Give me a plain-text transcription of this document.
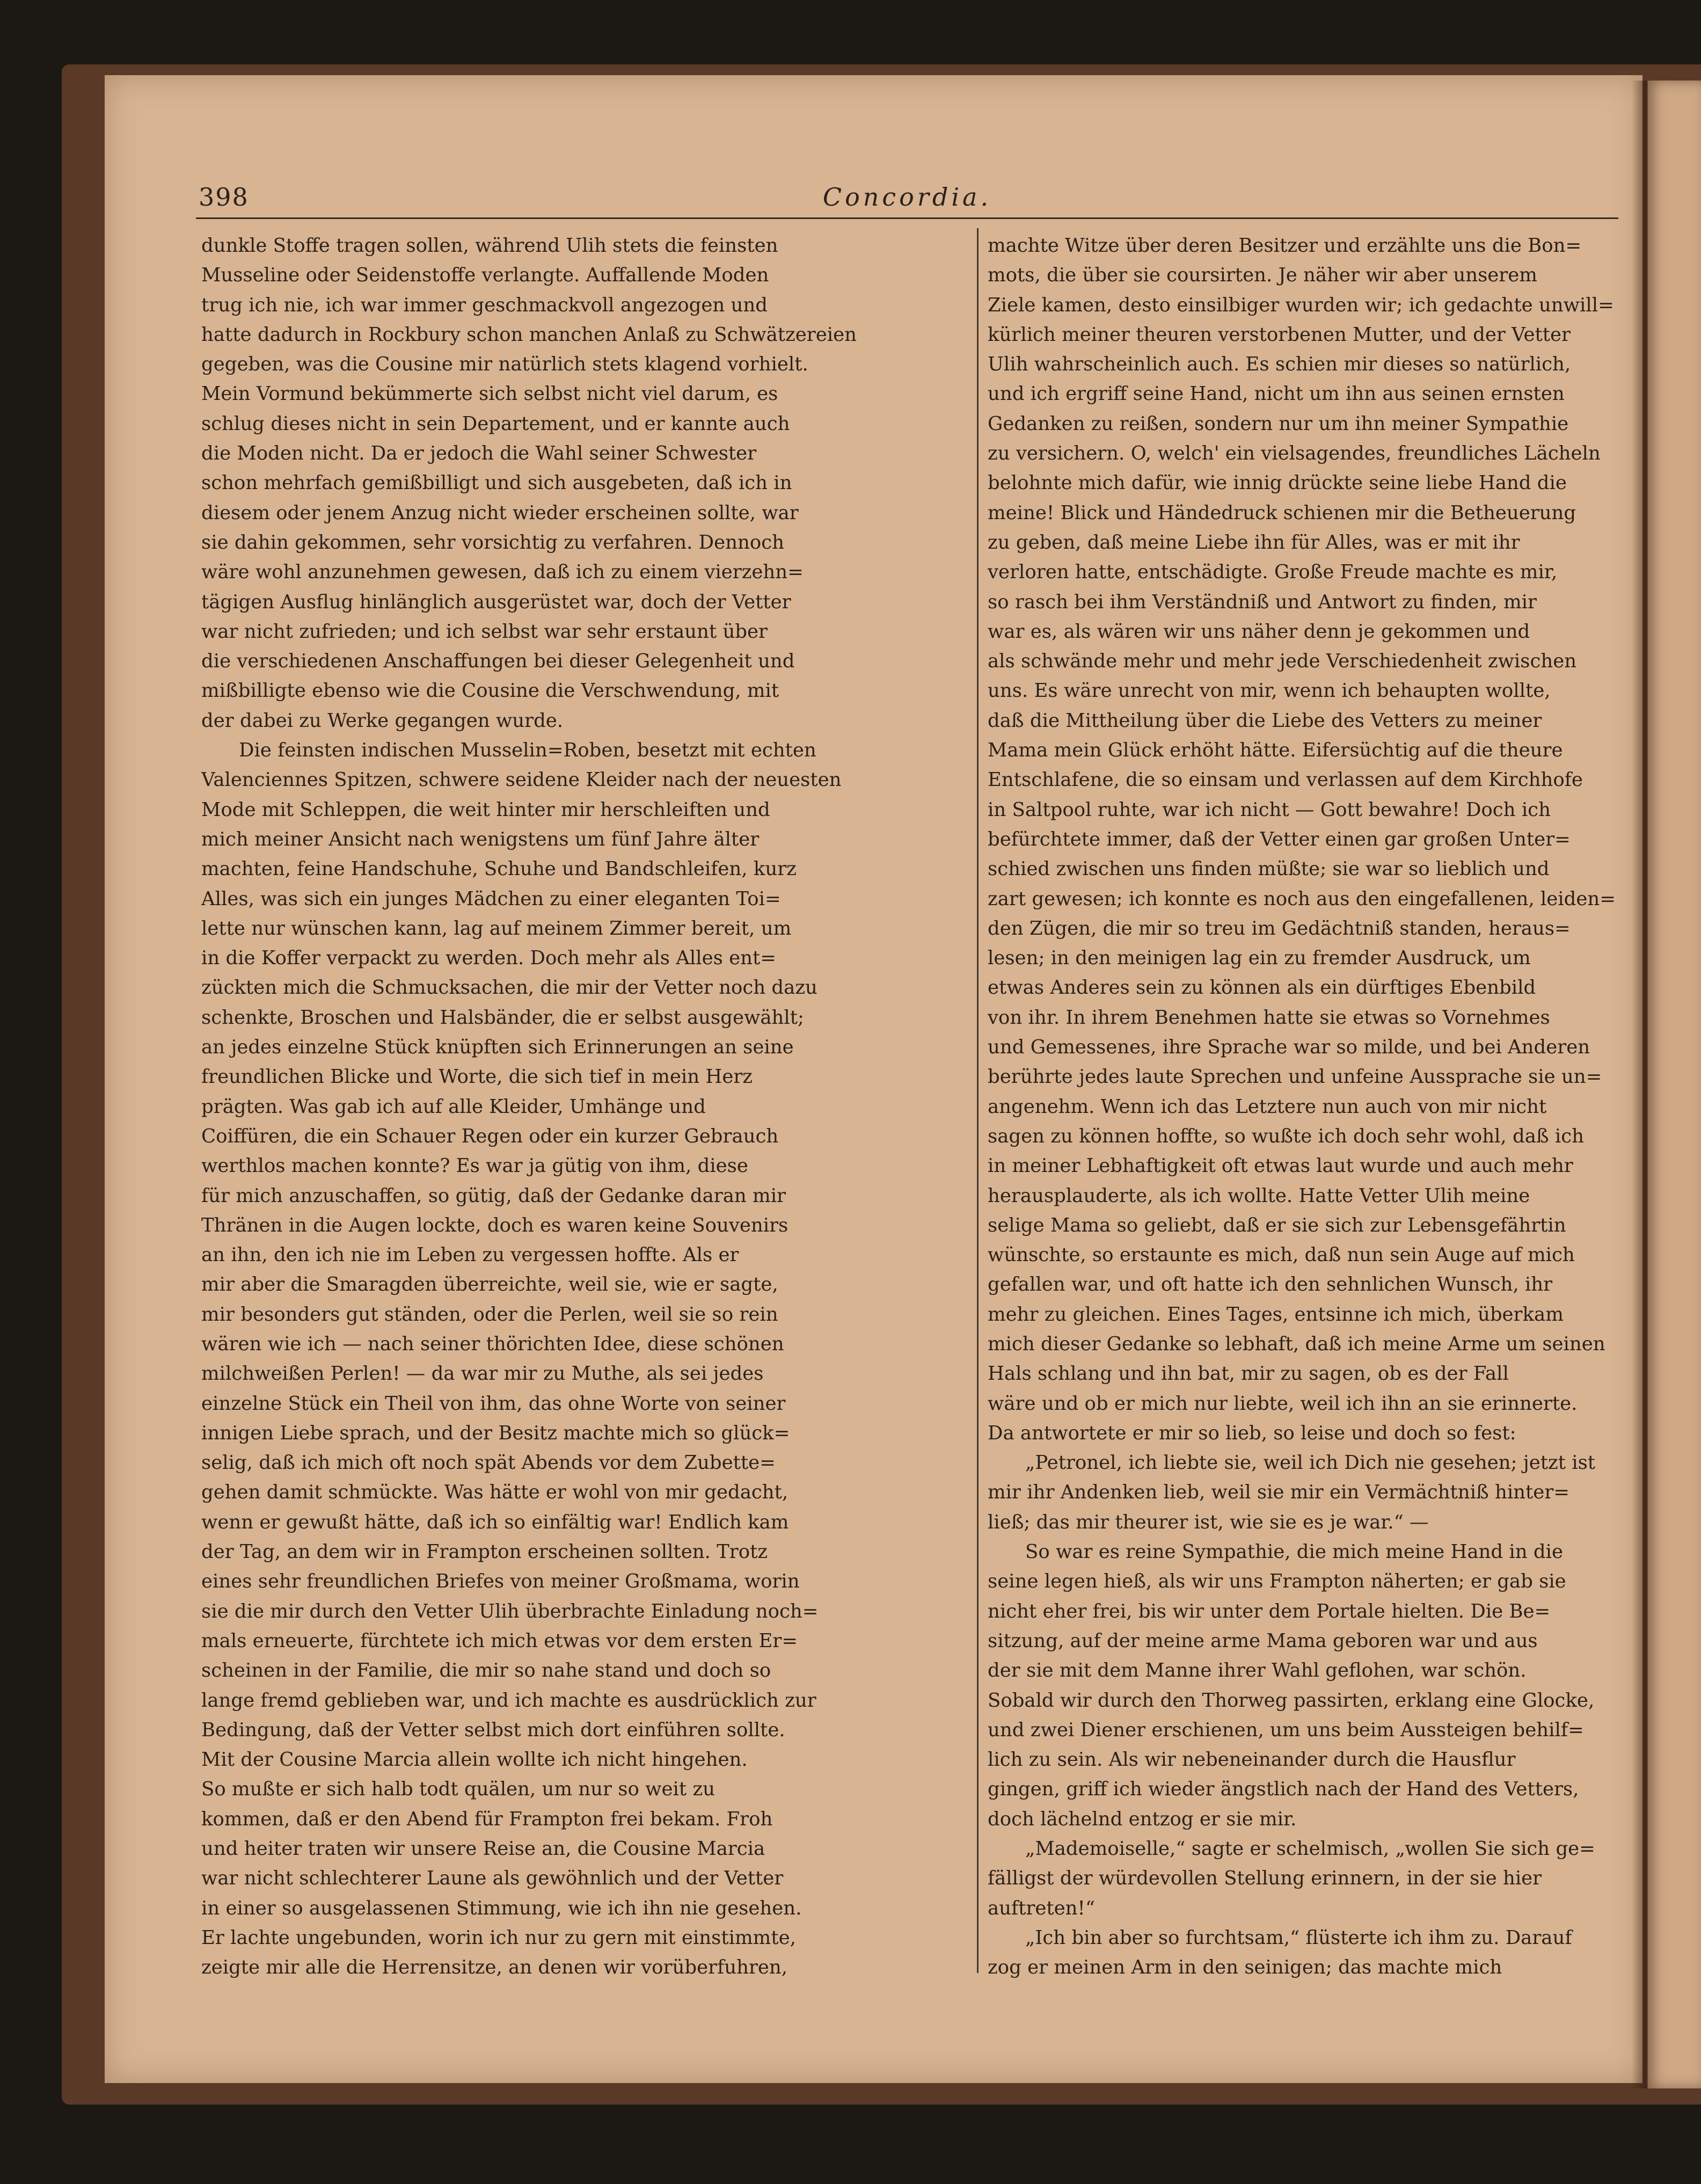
398	Concordia.
dunkle Stoffe tragen sollen, während Ulih stets die feinsten
Musseline oder Seidenstoffe verlangte. Auffallende Moden
trug ich nie, ich war immer geschmackvoll angezogen und
hatte dadurch in Rockbury schon manchen Anlaß zu Schwätzereien
gegeben, was die Cousine mir natürlich stets klagend vorhielt.
Mein Vormund bekümmerte sich selbst nicht viel darum, es
schlug dieses nicht in sein Departement, und er kannte auch
die Moden nicht. Da er jedoch die Wahl seiner Schwester
schon mehrfach gemißbilligt und sich ausgebeten, daß ich in
diesem oder jenem Anzug nicht wieder erscheinen sollte, war
sie dahin gekommen, sehr vorsichtig zu verfahren. Dennoch
wäre wohl anzunehmen gewesen, daß ich zu einem vierzehn=
tägigen Ausflug hinlänglich ausgerüstet war, doch der Vetter
war nicht zufrieden; und ich selbst war sehr erstaunt über
die verschiedenen Anschaffungen bei dieser Gelegenheit und
mißbilligte ebenso wie die Cousine die Verschwendung, mit
der dabei zu Werke gegangen wurde.
Die feinsten indischen Musselin=Roben, besetzt mit echten
Valenciennes Spitzen, schwere seidene Kleider nach der neuesten
Mode mit Schleppen, die weit hinter mir herschleiften und
mich meiner Ansicht nach wenigstens um fünf Jahre älter
machten, feine Handschuhe, Schuhe und Bandschleifen, kurz
Alles, was sich ein junges Mädchen zu einer eleganten Toi=
lette nur wünschen kann, lag auf meinem Zimmer bereit, um
in die Koffer verpackt zu werden. Doch mehr als Alles ent=
zückten mich die Schmucksachen, die mir der Vetter noch dazu
schenkte, Broschen und Halsbänder, die er selbst ausgewählt;
an jedes einzelne Stück knüpften sich Erinnerungen an seine
freundlichen Blicke und Worte, die sich tief in mein Herz
prägten. Was gab ich auf alle Kleider, Umhänge und
Coiffüren, die ein Schauer Regen oder ein kurzer Gebrauch
werthlos machen konnte? Es war ja gütig von ihm, diese
für mich anzuschaffen, so gütig, daß der Gedanke daran mir
Thränen in die Augen lockte, doch es waren keine Souvenirs
an ihn, den ich nie im Leben zu vergessen hoffte. Als er
mir aber die Smaragden überreichte, weil sie, wie er sagte,
mir besonders gut ständen, oder die Perlen, weil sie so rein
wären wie ich — nach seiner thörichten Idee, diese schönen
milchweißen Perlen! — da war mir zu Muthe, als sei jedes
einzelne Stück ein Theil von ihm, das ohne Worte von seiner
innigen Liebe sprach, und der Besitz machte mich so glück=
selig, daß ich mich oft noch spät Abends vor dem Zubette=
gehen damit schmückte. Was hätte er wohl von mir gedacht,
wenn er gewußt hätte, daß ich so einfältig war! Endlich kam
der Tag, an dem wir in Frampton erscheinen sollten. Trotz
eines sehr freundlichen Briefes von meiner Großmama, worin
sie die mir durch den Vetter Ulih überbrachte Einladung noch=
mals erneuerte, fürchtete ich mich etwas vor dem ersten Er=
scheinen in der Familie, die mir so nahe stand und doch so
lange fremd geblieben war, und ich machte es ausdrücklich zur
Bedingung, daß der Vetter selbst mich dort einführen sollte.
Mit der Cousine Marcia allein wollte ich nicht hingehen.
So mußte er sich halb todt quälen, um nur so weit zu
kommen, daß er den Abend für Frampton frei bekam. Froh
und heiter traten wir unsere Reise an, die Cousine Marcia
war nicht schlechterer Laune als gewöhnlich und der Vetter
in einer so ausgelassenen Stimmung, wie ich ihn nie gesehen.
Er lachte ungebunden, worin ich nur zu gern mit einstimmte,
zeigte mir alle die Herrensitze, an denen wir vorüberfuhren,
machte Witze über deren Besitzer und erzählte uns die Bon=
mots, die über sie coursirten. Je näher wir aber unserem
Ziele kamen, desto einsilbiger wurden wir; ich gedachte unwill=
kürlich meiner theuren verstorbenen Mutter, und der Vetter
Ulih wahrscheinlich auch. Es schien mir dieses so natürlich,
und ich ergriff seine Hand, nicht um ihn aus seinen ernsten
Gedanken zu reißen, sondern nur um ihn meiner Sympathie
zu versichern. O, welch' ein vielsagendes, freundliches Lächeln
belohnte mich dafür, wie innig drückte seine liebe Hand die
meine! Blick und Händedruck schienen mir die Betheuerung
zu geben, daß meine Liebe ihn für Alles, was er mit ihr
verloren hatte, entschädigte. Große Freude machte es mir,
so rasch bei ihm Verständniß und Antwort zu finden, mir
war es, als wären wir uns näher denn je gekommen und
als schwände mehr und mehr jede Verschiedenheit zwischen
uns. Es wäre unrecht von mir, wenn ich behaupten wollte,
daß die Mittheilung über die Liebe des Vetters zu meiner
Mama mein Glück erhöht hätte. Eifersüchtig auf die theure
Entschlafene, die so einsam und verlassen auf dem Kirchhofe
in Saltpool ruhte, war ich nicht — Gott bewahre! Doch ich
befürchtete immer, daß der Vetter einen gar großen Unter=
schied zwischen uns finden müßte; sie war so lieblich und
zart gewesen; ich konnte es noch aus den eingefallenen, leiden=
den Zügen, die mir so treu im Gedächtniß standen, heraus=
lesen; in den meinigen lag ein zu fremder Ausdruck, um
etwas Anderes sein zu können als ein dürftiges Ebenbild
von ihr. In ihrem Benehmen hatte sie etwas so Vornehmes
und Gemessenes, ihre Sprache war so milde, und bei Anderen
berührte jedes laute Sprechen und unfeine Aussprache sie un=
angenehm. Wenn ich das Letztere nun auch von mir nicht
sagen zu können hoffte, so wußte ich doch sehr wohl, daß ich
in meiner Lebhaftigkeit oft etwas laut wurde und auch mehr
herausplauderte, als ich wollte. Hatte Vetter Ulih meine
selige Mama so geliebt, daß er sie sich zur Lebensgefährtin
wünschte, so erstaunte es mich, daß nun sein Auge auf mich
gefallen war, und oft hatte ich den sehnlichen Wunsch, ihr
mehr zu gleichen. Eines Tages, entsinne ich mich, überkam
mich dieser Gedanke so lebhaft, daß ich meine Arme um seinen
Hals schlang und ihn bat, mir zu sagen, ob es der Fall
wäre und ob er mich nur liebte, weil ich ihn an sie erinnerte.
Da antwortete er mir so lieb, so leise und doch so fest:
„Petronel, ich liebte sie, weil ich Dich nie gesehen; jetzt ist
mir ihr Andenken lieb, weil sie mir ein Vermächtniß hinter=
ließ; das mir theurer ist, wie sie es je war.“ —
So war es reine Sympathie, die mich meine Hand in die
seine legen hieß, als wir uns Frampton näherten; er gab sie
nicht eher frei, bis wir unter dem Portale hielten. Die Be=
sitzung, auf der meine arme Mama geboren war und aus
der sie mit dem Manne ihrer Wahl geflohen, war schön.
Sobald wir durch den Thorweg passirten, erklang eine Glocke,
und zwei Diener erschienen, um uns beim Aussteigen behilf=
lich zu sein. Als wir nebeneinander durch die Hausflur
gingen, griff ich wieder ängstlich nach der Hand des Vetters,
doch lächelnd entzog er sie mir.
„Mademoiselle,“ sagte er schelmisch, „wollen Sie sich ge=
fälligst der würdevollen Stellung erinnern, in der sie hier
auftreten!“
„Ich bin aber so furchtsam,“ flüsterte ich ihm zu. Darauf
zog er meinen Arm in den seinigen; das machte mich
